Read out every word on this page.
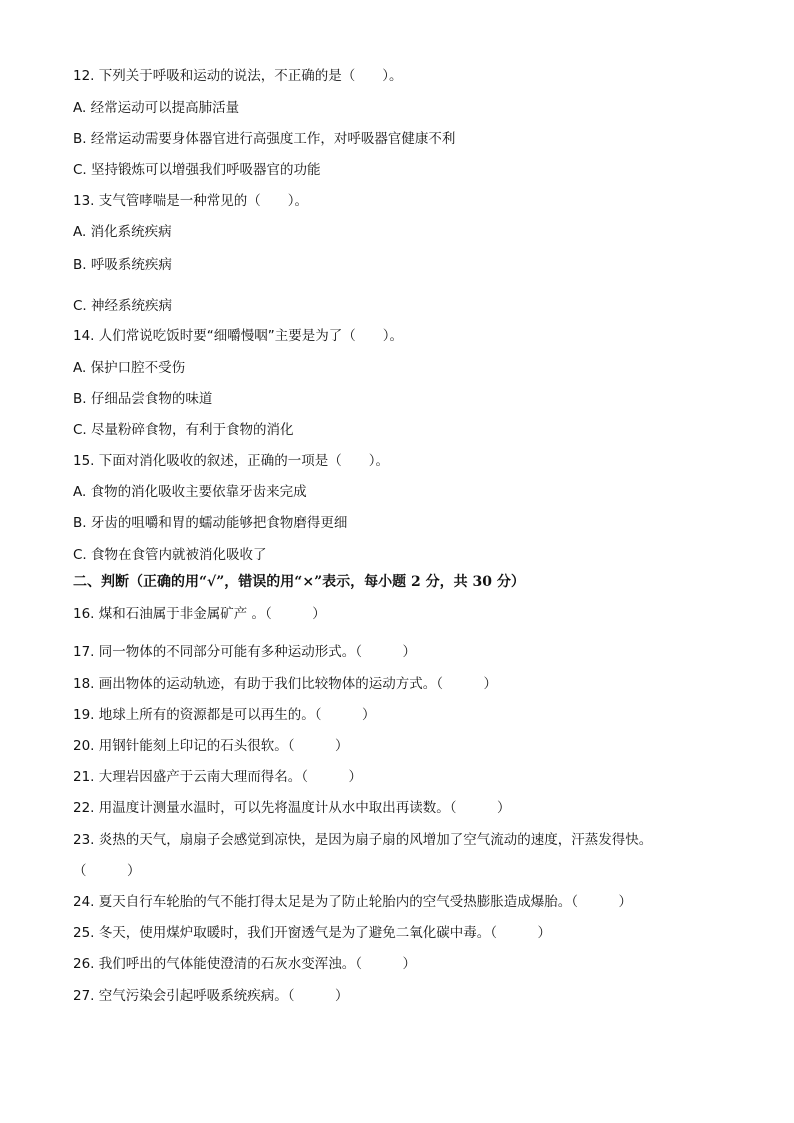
12. 下列关于呼吸和运动的说法，不正确的是（　　）。
A. 经常运动可以提高肺活量
B. 经常运动需要身体器官进行高强度工作，对呼吸器官健康不利
C. 坚持锻炼可以增强我们呼吸器官的功能
13. 支气管哮喘是一种常见的（　　）。
A. 消化系统疾病
B. 呼吸系统疾病
C. 神经系统疾病
14. 人们常说吃饭时要“细嚼慢咽”主要是为了（　　）。
A. 保护口腔不受伤
B. 仔细品尝食物的味道
C. 尽量粉碎食物，有利于食物的消化
15. 下面对消化吸收的叙述，正确的一项是（　　）。
A. 食物的消化吸收主要依靠牙齿来完成
B. 牙齿的咀嚼和胃的蠕动能够把食物磨得更细
C. 食物在食管内就被消化吸收了
二、判断（正确的用“√”，错误的用“×”表示，每小题 2 分，共 30 分）
16. 煤和石油属于非金属矿产 。（　　　）
17. 同一物体的不同部分可能有多种运动形式。（　　　）
18. 画出物体的运动轨迹，有助于我们比较物体的运动方式。（　　　）
19. 地球上所有的资源都是可以再生的。（　　　）
20. 用钢针能刻上印记的石头很软。（　　　）
21. 大理岩因盛产于云南大理而得名。（　　　）
22. 用温度计测量水温时，可以先将温度计从水中取出再读数。（　　　）
23. 炎热的天气，扇扇子会感觉到凉快，是因为扇子扇的风增加了空气流动的速度，汗蒸发得快。
（　　　）
24. 夏天自行车轮胎的气不能打得太足是为了防止轮胎内的空气受热膨胀造成爆胎。（　　　）
25. 冬天，使用煤炉取暖时，我们开窗透气是为了避免二氧化碳中毒。（　　　）
26. 我们呼出的气体能使澄清的石灰水变浑浊。（　　　）
27. 空气污染会引起呼吸系统疾病。（　　　）
